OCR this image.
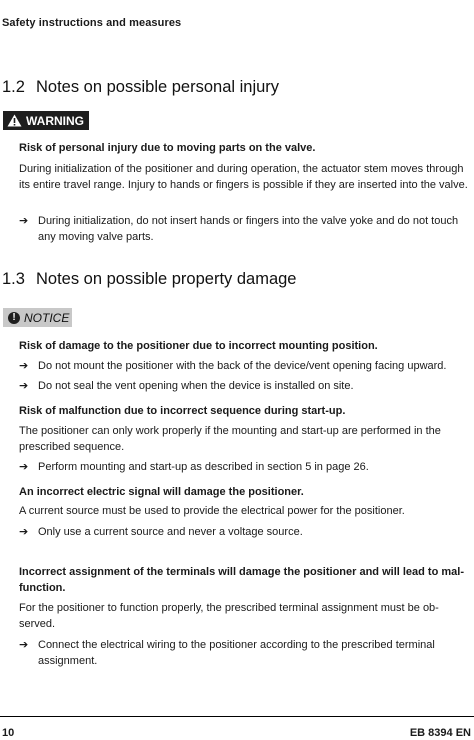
Safety instructions and measures
1.2 Notes on possible personal injury
WARNING
Risk of personal injury due to moving parts on the valve.
During initialization of the positioner and during operation, the actuator stem moves through its entire travel range. Injury to hands or fingers is possible if they are inserted into the valve.
➔ During initialization, do not insert hands or fingers into the valve yoke and do not touch any moving valve parts.
1.3 Notes on possible property damage
! NOTICE
Risk of damage to the positioner due to incorrect mounting position.
➔ Do not mount the positioner with the back of the device/vent opening facing upward.
➔ Do not seal the vent opening when the device is installed on site.
Risk of malfunction due to incorrect sequence during start-up.
The positioner can only work properly if the mounting and start-up are performed in the prescribed sequence.
➔ Perform mounting and start-up as described in section 5 in page 26.
An incorrect electric signal will damage the positioner.
A current source must be used to provide the electrical power for the positioner.
➔ Only use a current source and never a voltage source.
Incorrect assignment of the terminals will damage the positioner and will lead to mal-function.
For the positioner to function properly, the prescribed terminal assignment must be ob-served.
➔ Connect the electrical wiring to the positioner according to the prescribed terminal assignment.
10	EB 8394 EN
